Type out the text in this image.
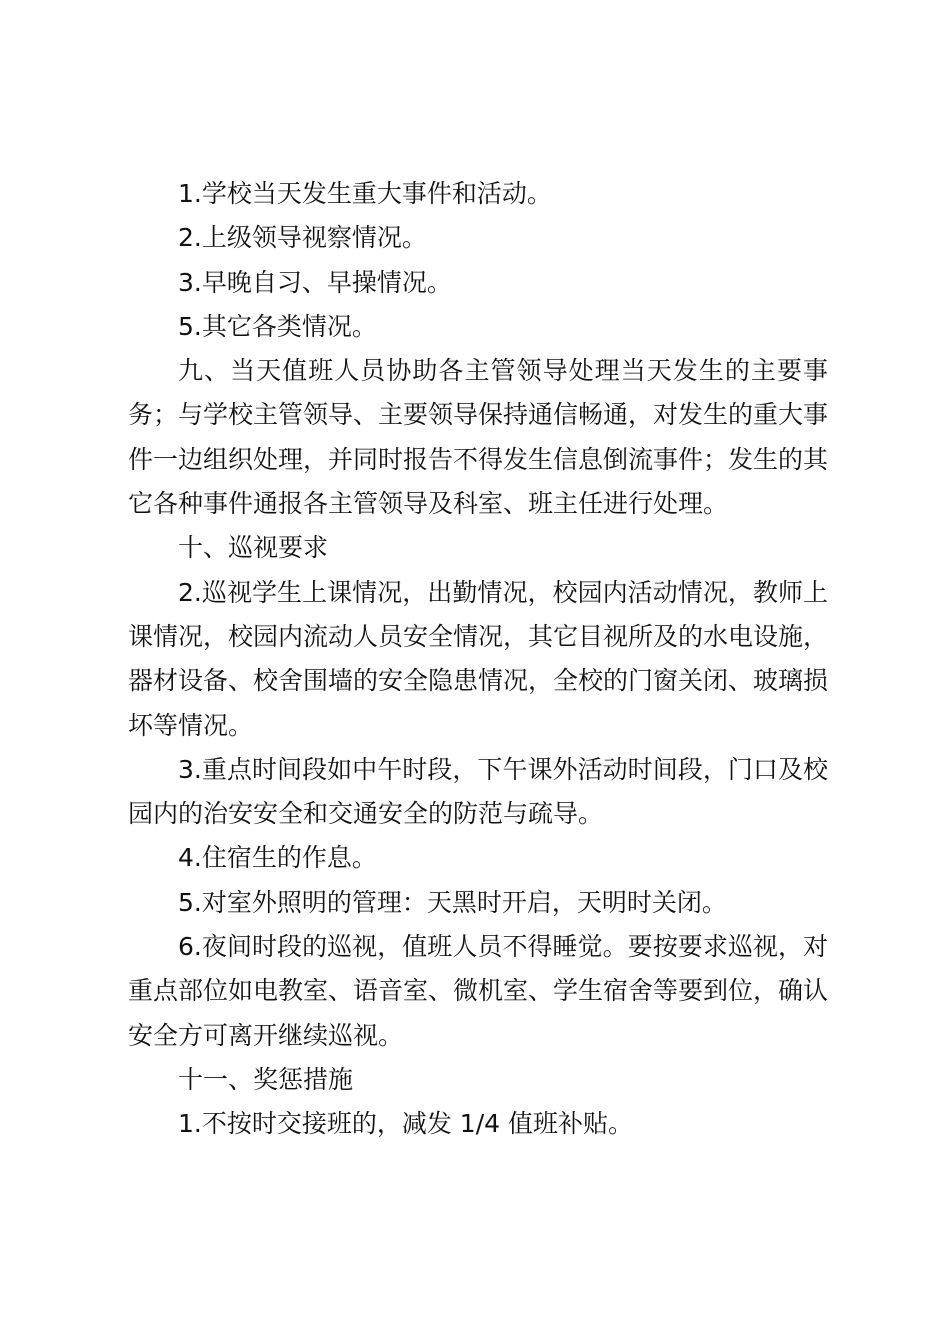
1.学校当天发生重大事件和活动。

2.上级领导视察情况。

3.早晚自习、早操情况。

5.其它各类情况。

九、当天值班人员协助各主管领导处理当天发生的主要事务；与学校主管领导、主要领导保持通信畅通，对发生的重大事件一边组织处理，并同时报告不得发生信息倒流事件；发生的其它各种事件通报各主管领导及科室、班主任进行处理。

十、巡视要求

2.巡视学生上课情况，出勤情况，校园内活动情况，教师上课情况，校园内流动人员安全情况，其它目视所及的水电设施，器材设备、校舍围墙的安全隐患情况，全校的门窗关闭、玻璃损坏等情况。

3.重点时间段如中午时段，下午课外活动时间段，门口及校园内的治安安全和交通安全的防范与疏导。

4.住宿生的作息。

5.对室外照明的管理：天黑时开启，天明时关闭。

6.夜间时段的巡视，值班人员不得睡觉。要按要求巡视，对重点部位如电教室、语音室、微机室、学生宿舍等要到位，确认安全方可离开继续巡视。

十一、奖惩措施

1.不按时交接班的，减发 1/4 值班补贴。
